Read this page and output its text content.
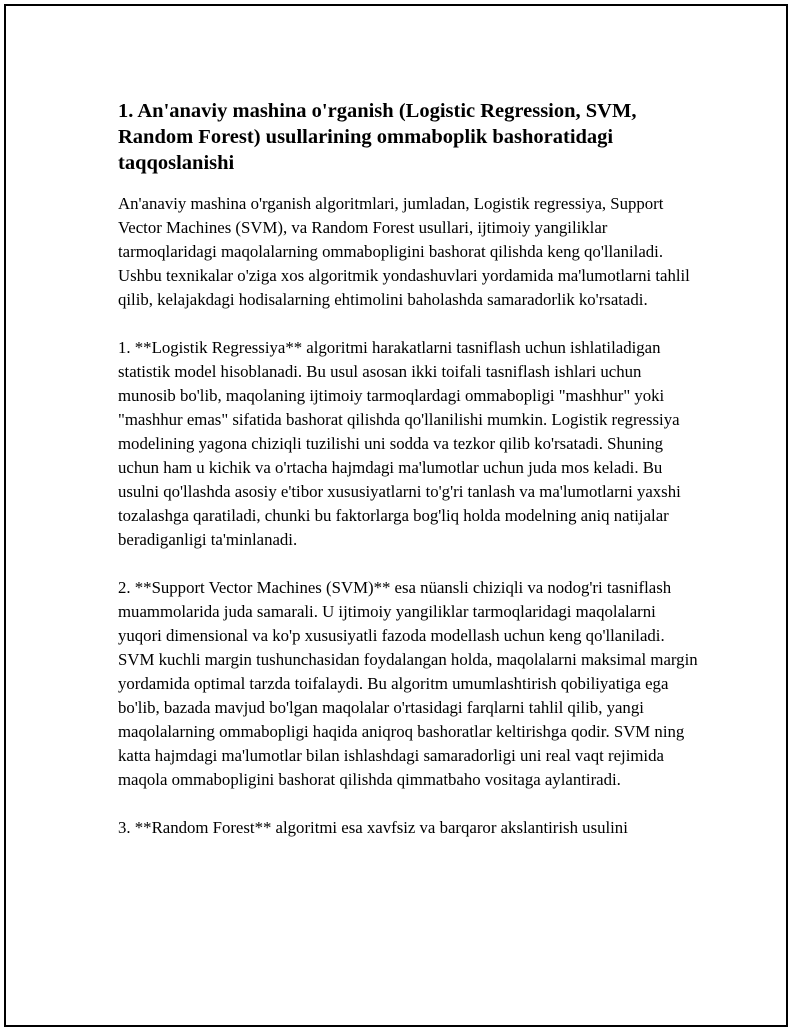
1. An'anaviy mashina o'rganish (Logistic Regression, SVM, Random Forest) usullarining ommaboplik bashoratidagi taqqoslanishi

An'anaviy mashina o'rganish algoritmlari, jumladan, Logistik regressiya, Support Vector Machines (SVM), va Random Forest usullari, ijtimoiy yangiliklar tarmoqlaridagi maqolalarning ommabopligini bashorat qilishda keng qo'llaniladi. Ushbu texnikalar o'ziga xos algoritmik yondashuvlari yordamida ma'lumotlarni tahlil qilib, kelajakdagi hodisalarning ehtimolini baholashda samaradorlik ko'rsatadi.

1. **Logistik Regressiya** algoritmi harakatlarni tasniflash uchun ishlatiladigan statistik model hisoblanadi. Bu usul asosan ikki toifali tasniflash ishlari uchun munosib bo'lib, maqolaning ijtimoiy tarmoqlardagi ommabopligi "mashhur" yoki "mashhur emas" sifatida bashorat qilishda qo'llanilishi mumkin. Logistik regressiya modelining yagona chiziqli tuzilishi uni sodda va tezkor qilib ko'rsatadi. Shuning uchun ham u kichik va o'rtacha hajmdagi ma'lumotlar uchun juda mos keladi. Bu usulni qo'llashda asosiy e'tibor xususiyatlarni to'g'ri tanlash va ma'lumotlarni yaxshi tozalashga qaratiladi, chunki bu faktorlarga bog'liq holda modelning aniq natijalar beradiganligi ta'minlanadi.

2. **Support Vector Machines (SVM)** esa nüansli chiziqli va nodog'ri tasniflash muammolarida juda samarali. U ijtimoiy yangiliklar tarmoqlaridagi maqolalarni yuqori dimensional va ko'p xususiyatli fazoda modellash uchun keng qo'llaniladi. SVM kuchli margin tushunchasidan foydalangan holda, maqolalarni maksimal margin yordamida optimal tarzda toifalaydi. Bu algoritm umumlashtirish qobiliyatiga ega bo'lib, bazada mavjud bo'lgan maqolalar o'rtasidagi farqlarni tahlil qilib, yangi maqolalarning ommabopligi haqida aniqroq bashoratlar keltirishga qodir. SVM ning katta hajmdagi ma'lumotlar bilan ishlashdagi samaradorligi uni real vaqt rejimida maqola ommabopligini bashorat qilishda qimmatbaho vositaga aylantiradi.

3. **Random Forest** algoritmi esa xavfsiz va barqaror akslantirish usulini
